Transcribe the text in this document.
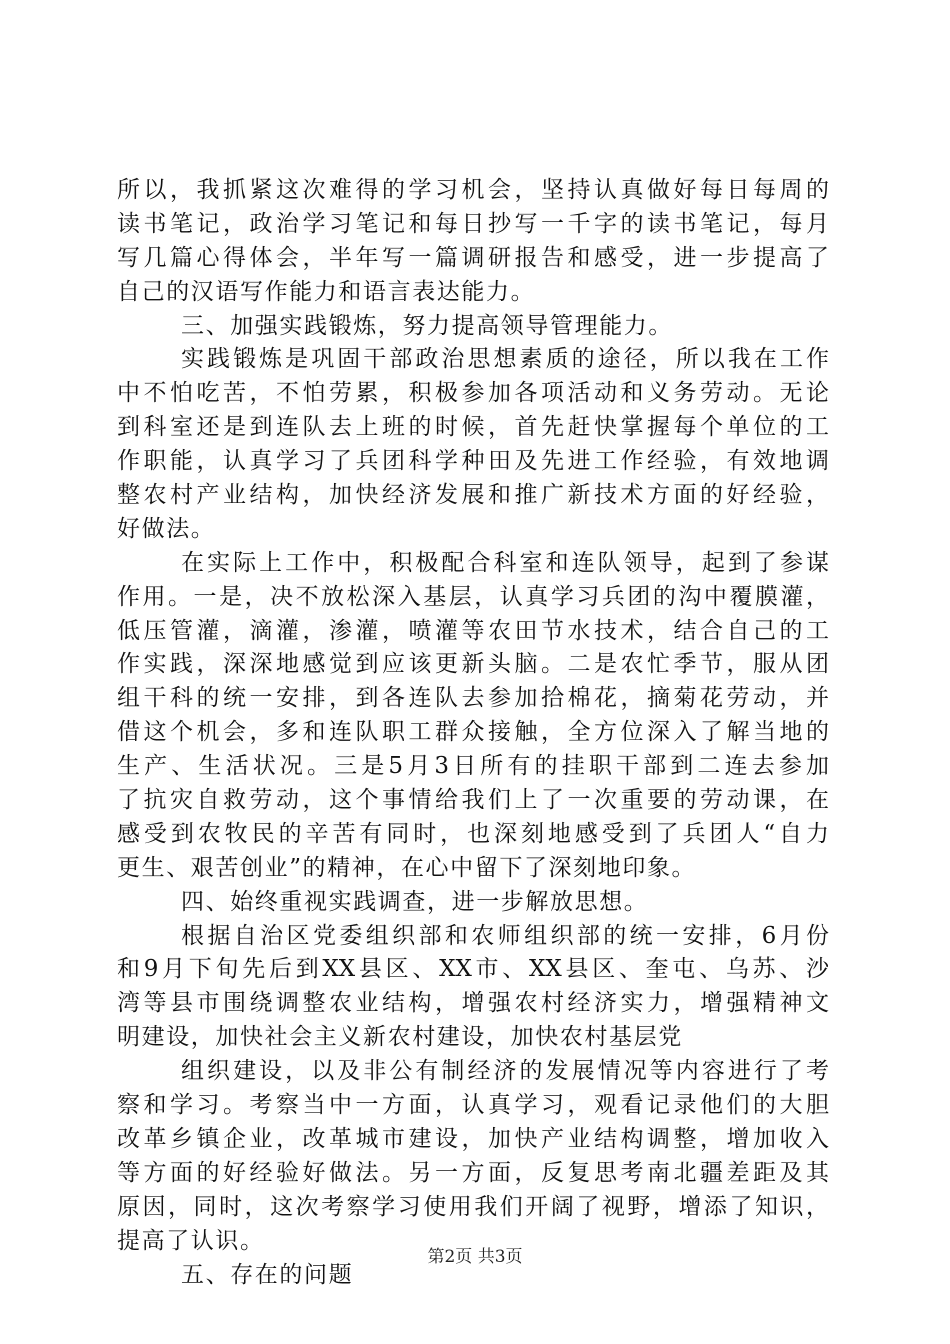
所以，我抓紧这次难得的学习机会，坚持认真做好每日每周的
读书笔记，政治学习笔记和每日抄写一千字的读书笔记，每月
写几篇心得体会，半年写一篇调研报告和感受，进一步提高了
自己的汉语写作能力和语言表达能力。
三、加强实践锻炼，努力提高领导管理能力。
实践锻炼是巩固干部政治思想素质的途径，所以我在工作
中不怕吃苦，不怕劳累，积极参加各项活动和义务劳动。无论
到科室还是到连队去上班的时候，首先赶快掌握每个单位的工
作职能，认真学习了兵团科学种田及先进工作经验，有效地调
整农村产业结构，加快经济发展和推广新技术方面的好经验，
好做法。
在实际上工作中，积极配合科室和连队领导，起到了参谋
作用。一是，决不放松深入基层，认真学习兵团的沟中覆膜灌，
低压管灌，滴灌，渗灌，喷灌等农田节水技术，结合自己的工
作实践，深深地感觉到应该更新头脑。二是农忙季节，服从团
组干科的统一安排，到各连队去参加拾棉花，摘菊花劳动，并
借这个机会，多和连队职工群众接触，全方位深入了解当地的
生产、生活状况。三是5月3日所有的挂职干部到二连去参加
了抗灾自救劳动，这个事情给我们上了一次重要的劳动课，在
感受到农牧民的辛苦有同时，也深刻地感受到了兵团人“自力
更生、艰苦创业”的精神，在心中留下了深刻地印象。
四、始终重视实践调查，进一步解放思想。
根据自治区党委组织部和农师组织部的统一安排，6月份
和9月下旬先后到XX县区、XX市、XX县区、奎屯、乌苏、沙
湾等县市围绕调整农业结构，增强农村经济实力，增强精神文
明建设，加快社会主义新农村建设，加快农村基层党
组织建设，以及非公有制经济的发展情况等内容进行了考
察和学习。考察当中一方面，认真学习，观看记录他们的大胆
改革乡镇企业，改革城市建设，加快产业结构调整，增加收入
等方面的好经验好做法。另一方面，反复思考南北疆差距及其
原因，同时，这次考察学习使用我们开阔了视野，增添了知识，
提高了认识。
五、存在的问题
第2页 共3页
